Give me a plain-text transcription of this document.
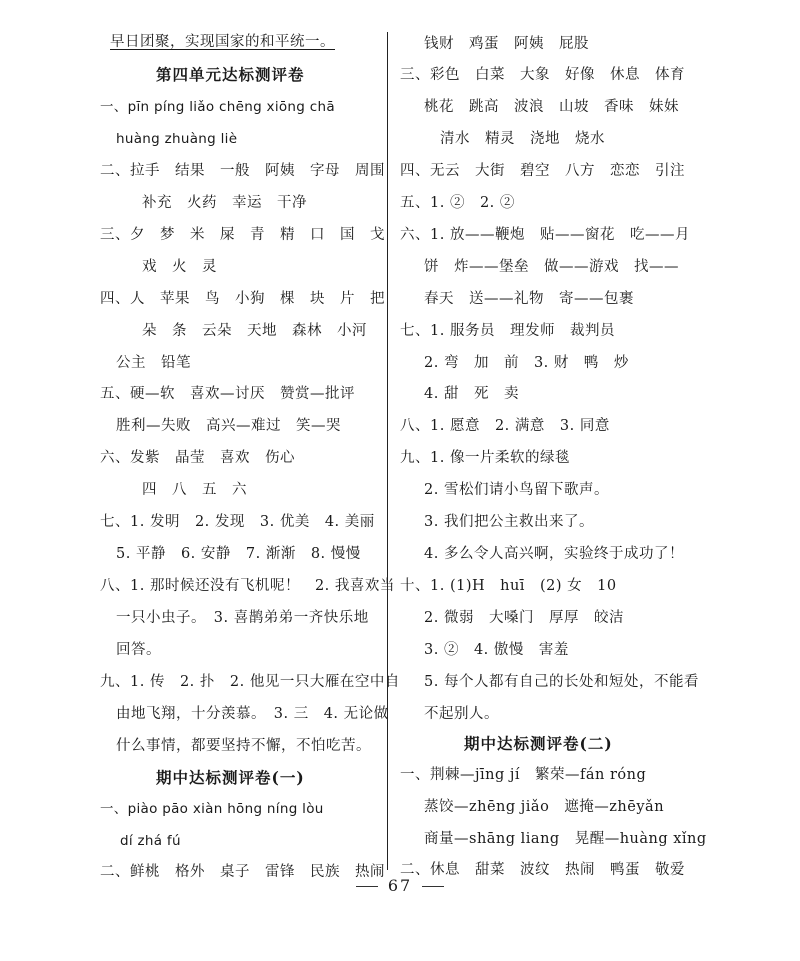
早日团聚，实现国家的和平统一。
第四单元达标测评卷
一、pīn píng liǎo chēng xiōng chā
huàng zhuàng liè
二、拉手　结果　一般　阿姨　字母　周围
补充　火药　幸运　干净
三、夕　梦　米　屎　青　精　口　国　戈
戏　火　灵
四、人　苹果　鸟　小狗　棵　块　片　把
朵　条　云朵　天地　森林　小河
公主　铅笔
五、硬—软　喜欢—讨厌　赞赏—批评
胜利—失败　高兴—难过　笑—哭
六、发紫　晶莹　喜欢　伤心
四　八　五　六
七、1. 发明　2. 发现　3. 优美　4. 美丽
5. 平静　6. 安静　7. 渐渐　8. 慢慢
八、1. 那时候还没有飞机呢！　2. 我喜欢当
一只小虫子。　3. 喜鹊弟弟一齐快乐地
回答。
九、1. 传　2. 扑　2. 他见一只大雁在空中自
由地飞翔，十分羡慕。　3. 三　4. 无论做
什么事情，都要坚持不懈，不怕吃苦。
期中达标测评卷(一)
一、piào pāo xiàn hōng níng lòu
dí zhá fú
二、鲜桃　格外　桌子　雷锋　民族　热闹
钱财　鸡蛋　阿姨　屁股
三、彩色　白菜　大象　好像　休息　体育
桃花　跳高　波浪　山坡　香味　妹妹
清水　精灵　浇地　烧水
四、无云　大街　碧空　八方　恋恋　引注
五、1. ②　2. ②
六、1. 放——鞭炮　贴——窗花　吃——月
饼　炸——堡垒　做——游戏　找——
春天　送——礼物　寄——包裹
七、1. 服务员　理发师　裁判员
2. 弯　加　前　3. 财　鸭　炒
4. 甜　死　卖
八、1. 愿意　2. 满意　3. 同意
九、1. 像一片柔软的绿毯
2. 雪松们请小鸟留下歌声。
3. 我们把公主救出来了。
4. 多么令人高兴啊，实验终于成功了！
十、1. (1)H　huī　(2) 女　10
2. 微弱　大嗓门　厚厚　皎洁
3. ②　4. 傲慢　害羞
5. 每个人都有自己的长处和短处，不能看
不起别人。
期中达标测评卷(二)
一、荆棘—jīng jí　繁荣—fán róng
蒸饺—zhēng jiǎo　遮掩—zhēyǎn
商量—shāng liang　晃醒—huàng xǐng
二、休息　甜菜　波纹　热闹　鸭蛋　敬爱
67
